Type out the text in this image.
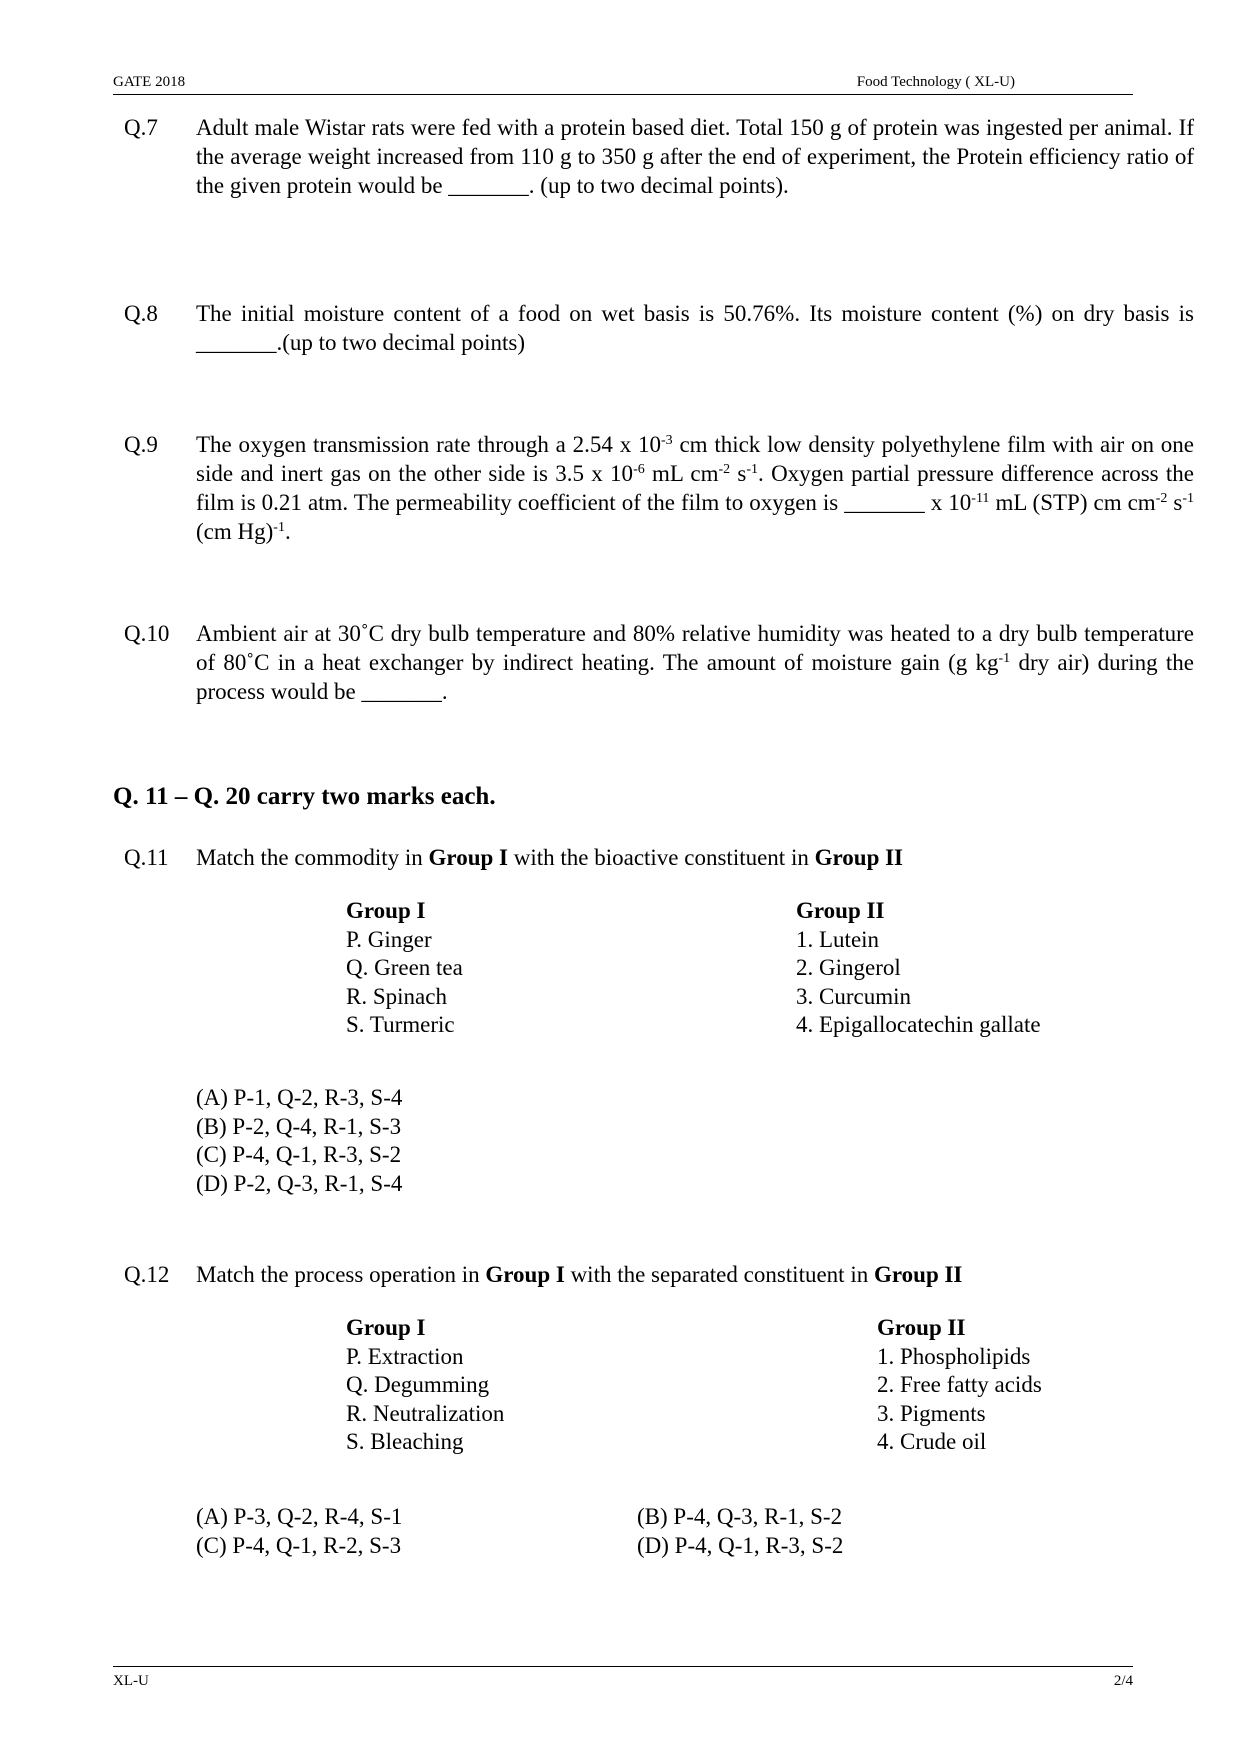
GATE 2018	Food Technology ( XL-U)
Q.7 Adult male Wistar rats were fed with a protein based diet. Total 150 g of protein was ingested per animal. If the average weight increased from 110 g to 350 g after the end of experiment, the Protein efficiency ratio of the given protein would be _______. (up to two decimal points).
Q.8 The initial moisture content of a food on wet basis is 50.76%. Its moisture content (%) on dry basis is _______.(up to two decimal points)
Q.9 The oxygen transmission rate through a 2.54 x $10^{-3}$ cm thick low density polyethylene film with air on one side and inert gas on the other side is 3.5 x $10^{-6}$ mL $cm^{-2}$ $s^{-1}$. Oxygen partial pressure difference across the film is 0.21 atm. The permeability coefficient of the film to oxygen is _______ x $10^{-11}$ mL (STP) cm $cm^{-2}$ $s^{-1}$ (cm Hg)$^{-1}$.
Q.10 Ambient air at 30˚C dry bulb temperature and 80% relative humidity was heated to a dry bulb temperature of 80˚C in a heat exchanger by indirect heating. The amount of moisture gain (g $kg^{-1}$ dry air) during the process would be _______.
Q. 11 – Q. 20 carry two marks each.
Q.11 Match the commodity in Group I with the bioactive constituent in Group II
Group I
P. Ginger
Q. Green tea
R. Spinach
S. Turmeric
Group II
1. Lutein
2. Gingerol
3. Curcumin
4. Epigallocatechin gallate
(A) P-1, Q-2, R-3, S-4
(B) P-2, Q-4, R-1, S-3
(C) P-4, Q-1, R-3, S-2
(D) P-2, Q-3, R-1, S-4
Q.12 Match the process operation in Group I with the separated constituent in Group II
Group I
P. Extraction
Q. Degumming
R. Neutralization
S. Bleaching
Group II
1. Phospholipids
2. Free fatty acids
3. Pigments
4. Crude oil
(A) P-3, Q-2, R-4, S-1
(C) P-4, Q-1, R-2, S-3
(B) P-4, Q-3, R-1, S-2
(D) P-4, Q-1, R-3, S-2
XL-U	2/4
